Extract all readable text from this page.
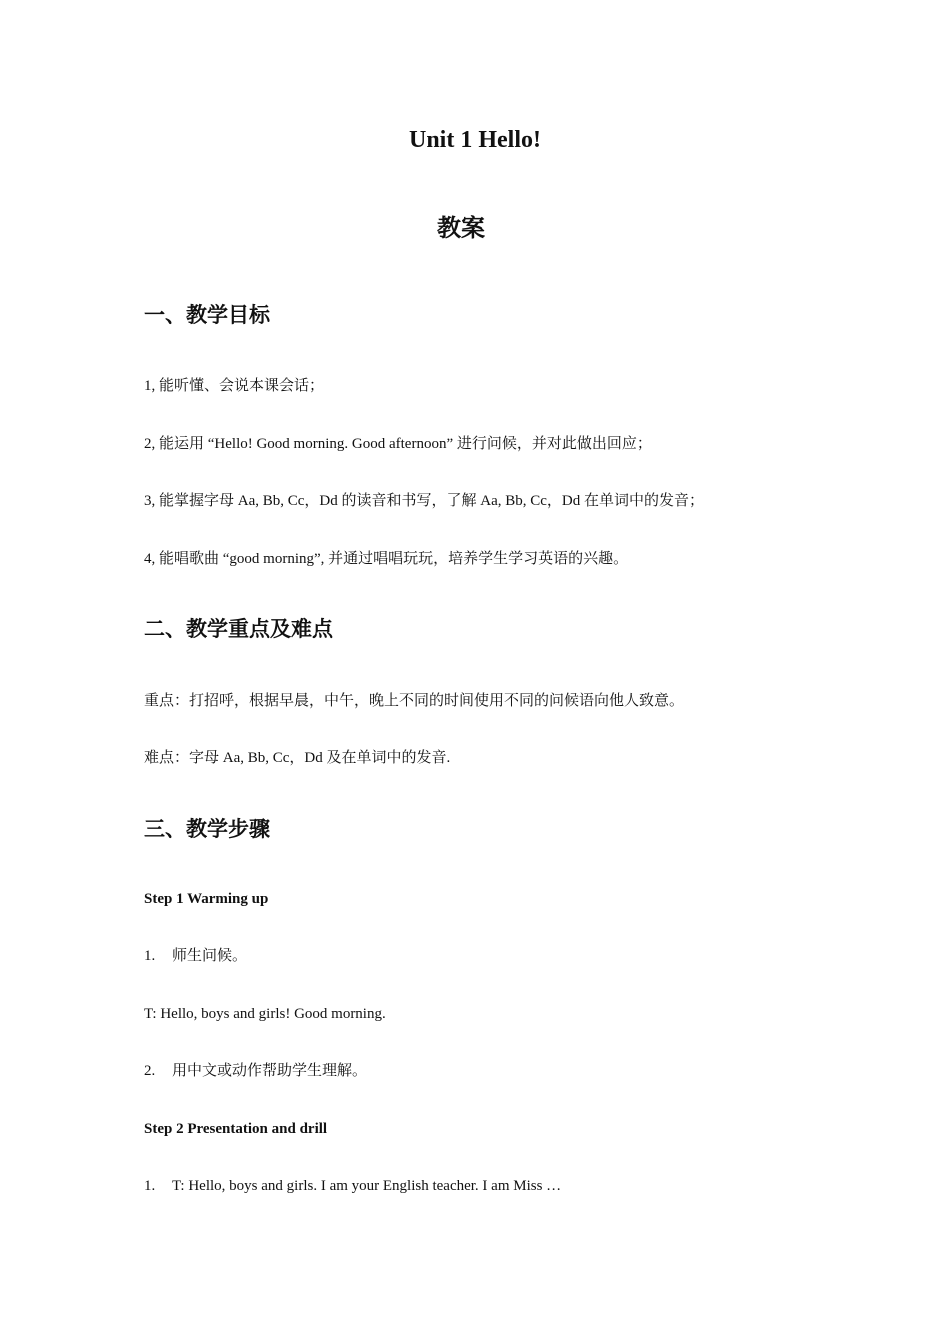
Unit 1 Hello!
教案
一、教学目标
1, 能听懂、会说本课会话；
2, 能运用 “Hello! Good morning. Good afternoon” 进行问候，并对此做出回应；
3, 能掌握字母 Aa, Bb, Cc，Dd 的读音和书写，了解 Aa, Bb, Cc，Dd 在单词中的发音；
4, 能唱歌曲 “good morning”, 并通过唱唱玩玩，培养学生学习英语的兴趣。
二、教学重点及难点
重点：打招呼，根据早晨，中午，晚上不同的时间使用不同的问候语向他人致意。
难点：字母 Aa, Bb, Cc，Dd 及在单词中的发音.
三、教学步骤
Step 1 Warming up
1. 师生问候。
T: Hello, boys and girls! Good morning.
2. 用中文或动作帮助学生理解。
Step 2 Presentation and drill
1. T: Hello, boys and girls. I am your English teacher. I am Miss …
